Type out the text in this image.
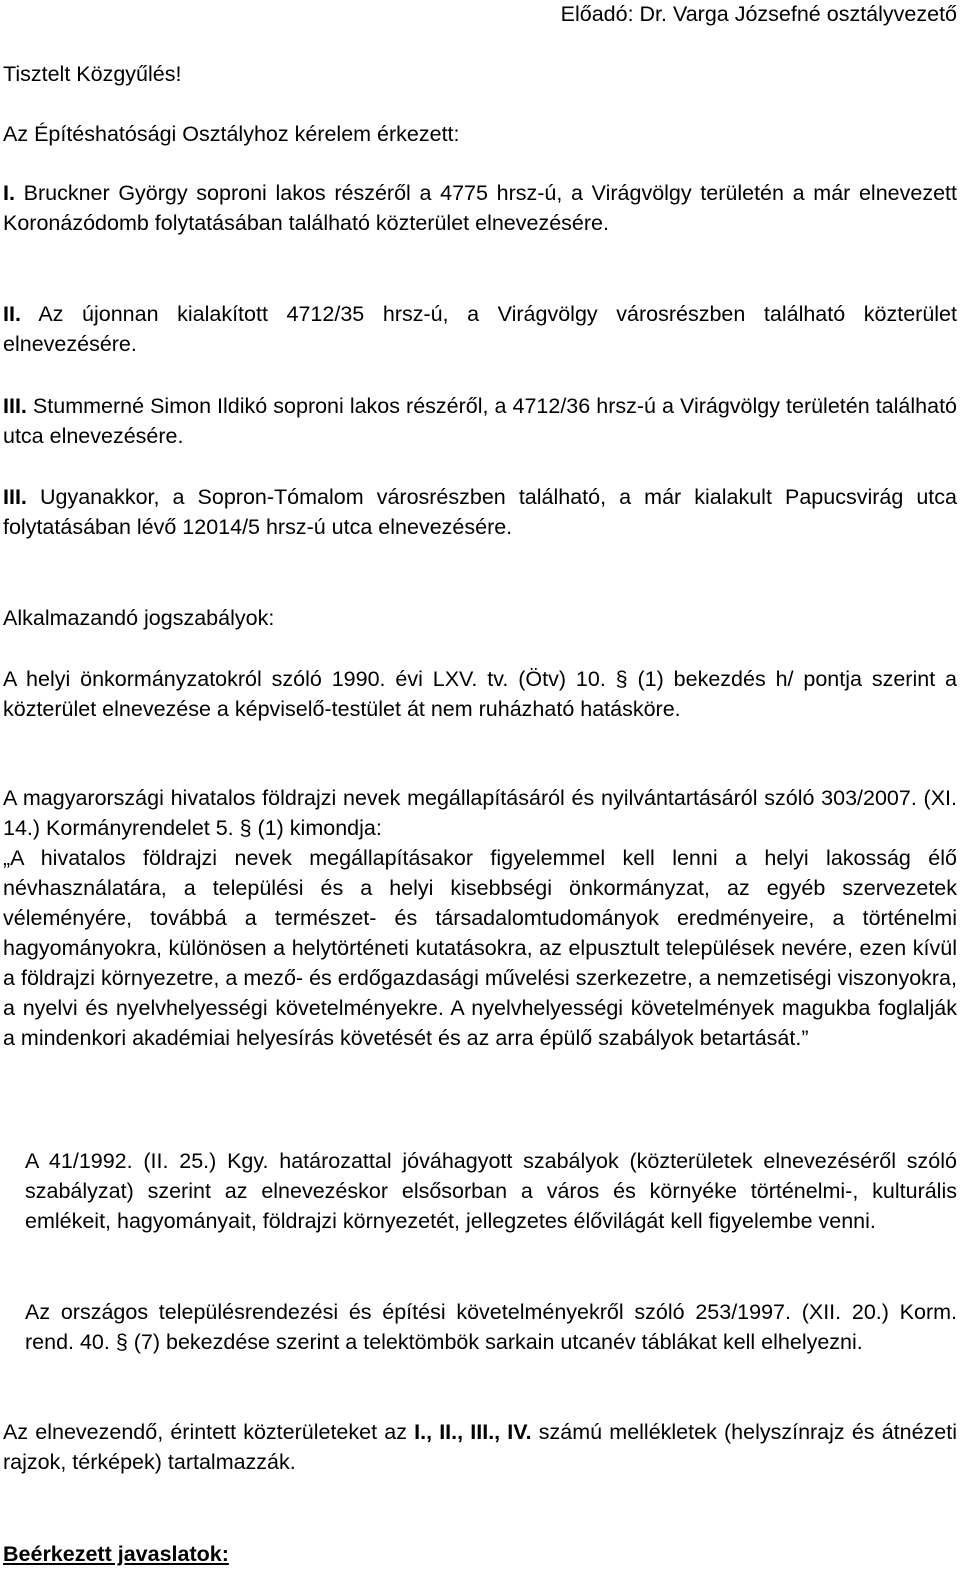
Előadó: Dr. Varga Józsefné osztályvezető

Tisztelt Közgyűlés!

Az Építéshatósági Osztályhoz kérelem érkezett:

I. Bruckner György soproni lakos részéről a 4775 hrsz-ú, a Virágvölgy területén a már elnevezett Koronázódomb folytatásában található közterület elnevezésére.

II. Az újonnan kialakított 4712/35 hrsz-ú, a Virágvölgy városrészben található közterület elnevezésére.

III. Stummerné Simon Ildikó soproni lakos részéről, a 4712/36 hrsz-ú a Virágvölgy területén található utca elnevezésére.

III. Ugyanakkor, a Sopron-Tómalom városrészben található, a már kialakult Papucsvirág utca folytatásában lévő 12014/5 hrsz-ú utca elnevezésére.

Alkalmazandó jogszabályok:

A helyi önkormányzatokról szóló 1990. évi LXV. tv. (Ötv) 10. § (1) bekezdés h/ pontja szerint a közterület elnevezése a képviselő-testület át nem ruházható hatásköre.

A magyarországi hivatalos földrajzi nevek megállapításáról és nyilvántartásáról szóló 303/2007. (XI. 14.) Kormányrendelet 5. § (1) kimondja:

„A hivatalos földrajzi nevek megállapításakor figyelemmel kell lenni a helyi lakosság élő névhasználatára, a települési és a helyi kisebbségi önkormányzat, az egyéb szervezetek véleményére, továbbá a természet- és társadalomtudományok eredményeire, a történelmi hagyományokra, különösen a helytörténeti kutatásokra, az elpusztult települések nevére, ezen kívül a földrajzi környezetre, a mező- és erdőgazdasági művelési szerkezetre, a nemzetiségi viszonyokra, a nyelvi és nyelvhelyességi követelményekre. A nyelvhelyességi követelmények magukba foglalják a mindenkori akadémiai helyesírás követését és az arra épülő szabályok betartását.”

A 41/1992. (II. 25.) Kgy. határozattal jóváhagyott szabályok (közterületek elnevezéséről szóló szabályzat) szerint az elnevezéskor elsősorban a város és környéke történelmi-, kulturális emlékeit, hagyományait, földrajzi környezetét, jellegzetes élővilágát kell figyelembe venni.

Az országos településrendezési és építési követelményekről szóló 253/1997. (XII. 20.) Korm. rend. 40. § (7) bekezdése szerint a telektömbök sarkain utcanév táblákat kell elhelyezni.

Az elnevezendő, érintett közterületeket az I., II., III., IV. számú mellékletek (helyszínrajz és átnézeti rajzok, térképek) tartalmazzák.

Beérkezett javaslatok:
